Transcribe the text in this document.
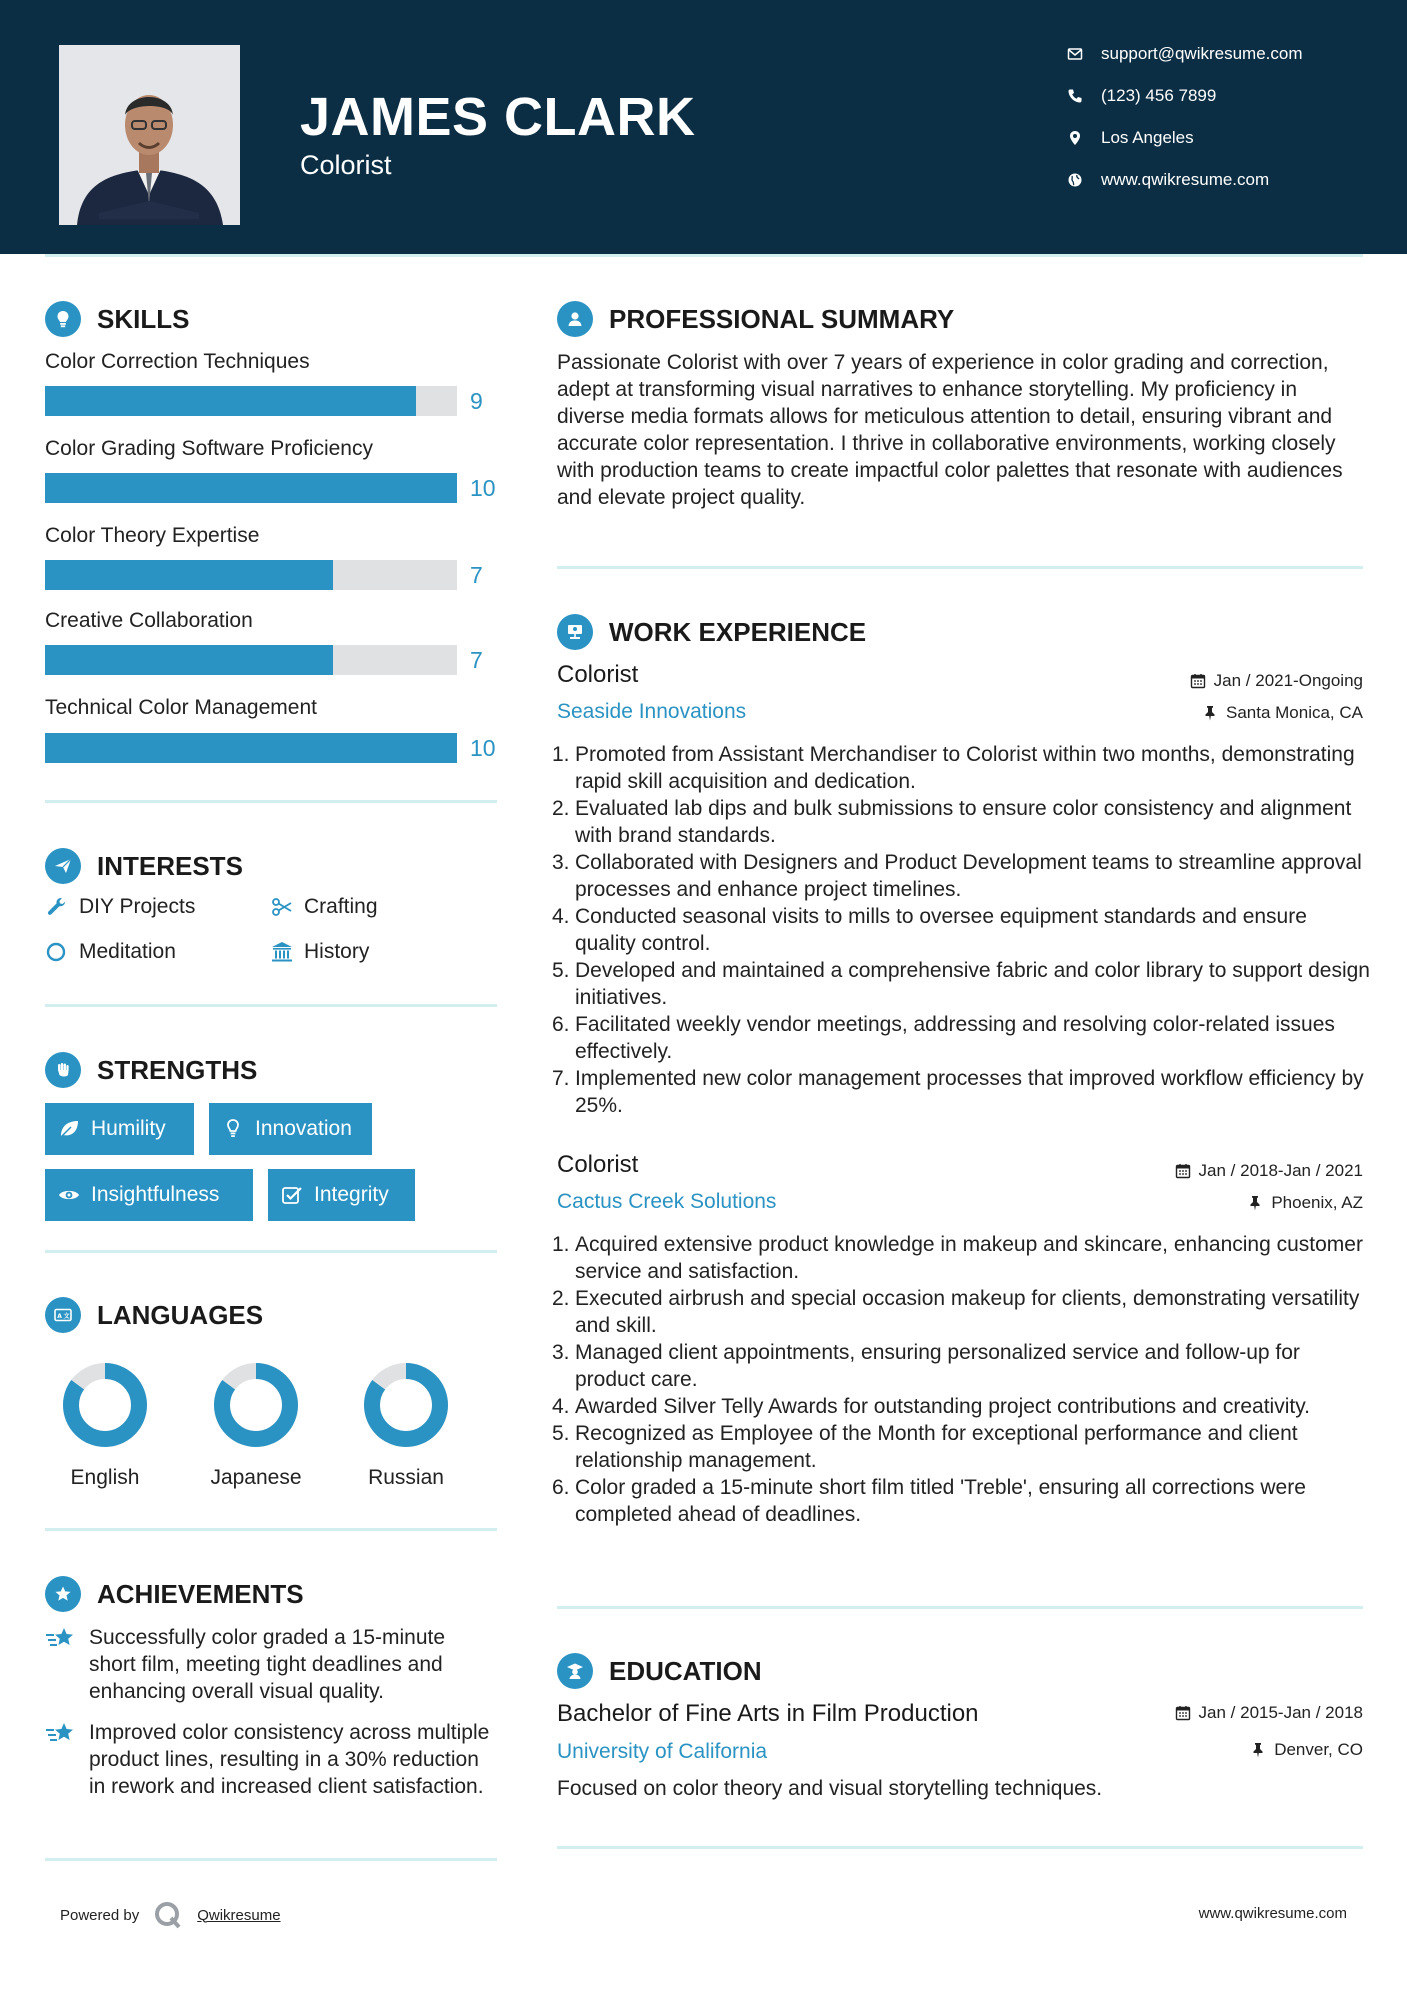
JAMES CLARK
Colorist
support@qwikresume.com
(123) 456 7899
Los Angeles
www.qwikresume.com
SKILLS
Color Correction Techniques
9
Color Grading Software Proficiency
10
Color Theory Expertise
7
Creative Collaboration
7
Technical Color Management
10
INTERESTS
DIY Projects	Crafting
Meditation	History
STRENGTHS
Humility	Innovation
Insightfulness	Integrity
A 文 LANGUAGES
English	Japanese	Russian
ACHIEVEMENTS
Successfully color graded a 15-minute short film, meeting tight deadlines and enhancing overall visual quality.
Improved color consistency across multiple product lines, resulting in a 30% reduction in rework and increased client satisfaction.
PROFESSIONAL SUMMARY
Passionate Colorist with over 7 years of experience in color grading and correction, adept at transforming visual narratives to enhance storytelling. My proficiency in diverse media formats allows for meticulous attention to detail, ensuring vibrant and accurate color representation. I thrive in collaborative environments, working closely with production teams to create impactful color palettes that resonate with audiences and elevate project quality.
WORK EXPERIENCE
Colorist	Jan / 2021-Ongoing
Seaside Innovations	Santa Monica, CA
1. Promoted from Assistant Merchandiser to Colorist within two months, demonstrating rapid skill acquisition and dedication.
2. Evaluated lab dips and bulk submissions to ensure color consistency and alignment with brand standards.
3. Collaborated with Designers and Product Development teams to streamline approval processes and enhance project timelines.
4. Conducted seasonal visits to mills to oversee equipment standards and ensure quality control.
5. Developed and maintained a comprehensive fabric and color library to support design initiatives.
6. Facilitated weekly vendor meetings, addressing and resolving color-related issues effectively.
7. Implemented new color management processes that improved workflow efficiency by 25%.
Colorist	Jan / 2018-Jan / 2021
Cactus Creek Solutions	Phoenix, AZ
1. Acquired extensive product knowledge in makeup and skincare, enhancing customer service and satisfaction.
2. Executed airbrush and special occasion makeup for clients, demonstrating versatility and skill.
3. Managed client appointments, ensuring personalized service and follow-up for product care.
4. Awarded Silver Telly Awards for outstanding project contributions and creativity.
5. Recognized as Employee of the Month for exceptional performance and client relationship management.
6. Color graded a 15-minute short film titled 'Treble', ensuring all corrections were completed ahead of deadlines.
EDUCATION
Bachelor of Fine Arts in Film Production	Jan / 2015-Jan / 2018
University of California	Denver, CO
Focused on color theory and visual storytelling techniques.
Powered by	Qwikresume	www.qwikresume.com
